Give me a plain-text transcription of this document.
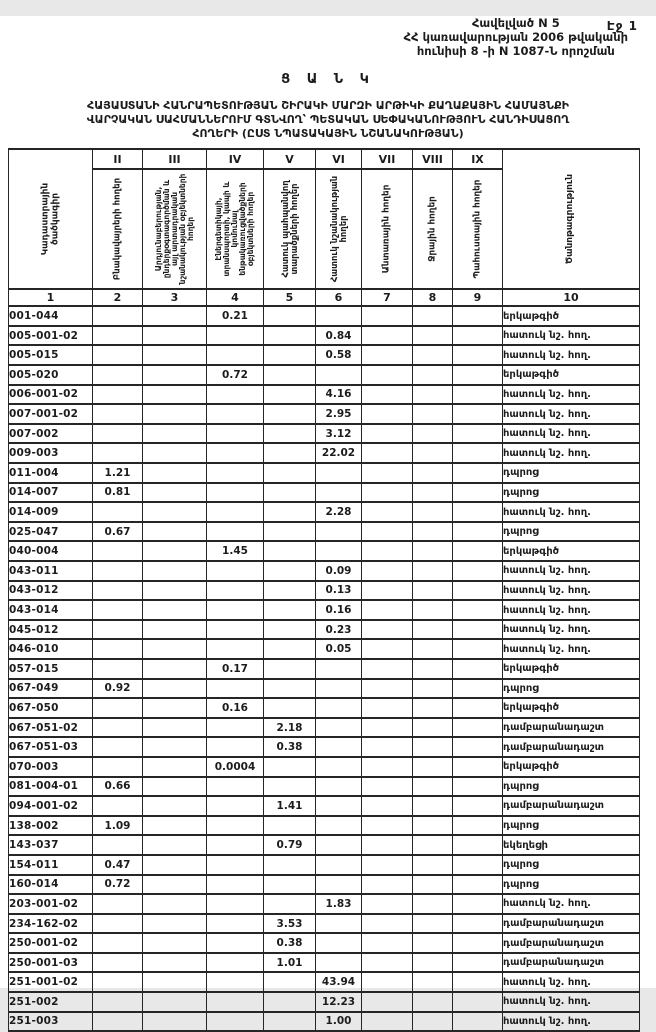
Էջ 1
Հավելված N 5
ՀՀ կառավարության 2006 թվականի
հունիսի 8 -ի N 1087-Ն որոշման
Ց Ա Ն Կ
ՀԱՅԱՍՏԱՆԻ ՀԱՆՐԱՊԵՏՈՒԹՅԱՆ ՇԻՐԱԿԻ ՄԱՐԶԻ ԱՐԹԻԿԻ ՔԱՂԱՔԱՅԻՆ ՀԱՄԱՅՆՔԻ
ՎԱՐՉԱԿԱՆ ՍԱՀՄԱՆՆԵՐՈՒՄ ԳՏՆՎՈՂ՝ ՊԵՏԱԿԱՆ ՍԵՓԱԿԱՆՈՒԹՅՈՒՆ ՀԱՆԴԻՍԱՑՈՂ
ՀՈՂԵՐԻ (ԸՍՏ ՆՊԱՏԱԿԱՅԻՆ ՆՇԱՆԱԿՈՒԹՅԱՆ)
Կադաստրային ծածկագիր	II	III	IV	V	VI	VII	VIII	IX	Ծանոթագրություն

	Բնակավայրերի հողեր	Արդյունաբերության, ընդերքօգտագործման և այլ արտադրական նշանակության օբյեկտների հողեր	Էներգետիկայի, տրանսպորտի, կապի և կոմունալ ենթակառուցվածքների օբյեկտների հողեր	Հատուկ պահպանվող տարածքների հողեր	Հատուկ նշանակության հողեր	Անտառային հողեր	Ջրային հողեր	Պահուստային հողեր	

1	2	3	4	5	6	7	8	9	10
001-044			0.21						երկաթգիծ
005-001-02					0.84				հատուկ նշ. հող.
005-015					0.58				հատուկ նշ. հող.
005-020			0.72						երկաթգիծ
006-001-02					4.16				հատուկ նշ. հող.
007-001-02					2.95				հատուկ նշ. հող.
007-002					3.12				հատուկ նշ. հող.
009-003					22.02				հատուկ նշ. հող.
011-004	1.21								դպրոց
014-007	0.81								դպրոց
014-009					2.28				հատուկ նշ. հող.
025-047	0.67								դպրոց
040-004			1.45						երկաթգիծ
043-011					0.09				հատուկ նշ. հող.
043-012					0.13				հատուկ նշ. հող.
043-014					0.16				հատուկ նշ. հող.
045-012					0.23				հատուկ նշ. հող.
046-010					0.05				հատուկ նշ. հող.
057-015			0.17						երկաթգիծ
067-049	0.92								դպրոց
067-050			0.16						երկաթգիծ
067-051-02				2.18					դամբարանադաշտ
067-051-03				0.38					դամբարանադաշտ
070-003			0.0004						երկաթգիծ
081-004-01	0.66								դպրոց
094-001-02				1.41					դամբարանադաշտ
138-002	1.09								դպրոց
143-037				0.79					եկեղեցի
154-011	0.47								դպրոց
160-014	0.72								դպրոց
203-001-02					1.83				հատուկ նշ. հող.
234-162-02				3.53					դամբարանադաշտ
250-001-02				0.38					դամբարանադաշտ
250-001-03				1.01					դամբարանադաշտ
251-001-02					43.94				հատուկ նշ. հող.
251-002					12.23				հատուկ նշ. հող.
251-003					1.00				հատուկ նշ. հող.
